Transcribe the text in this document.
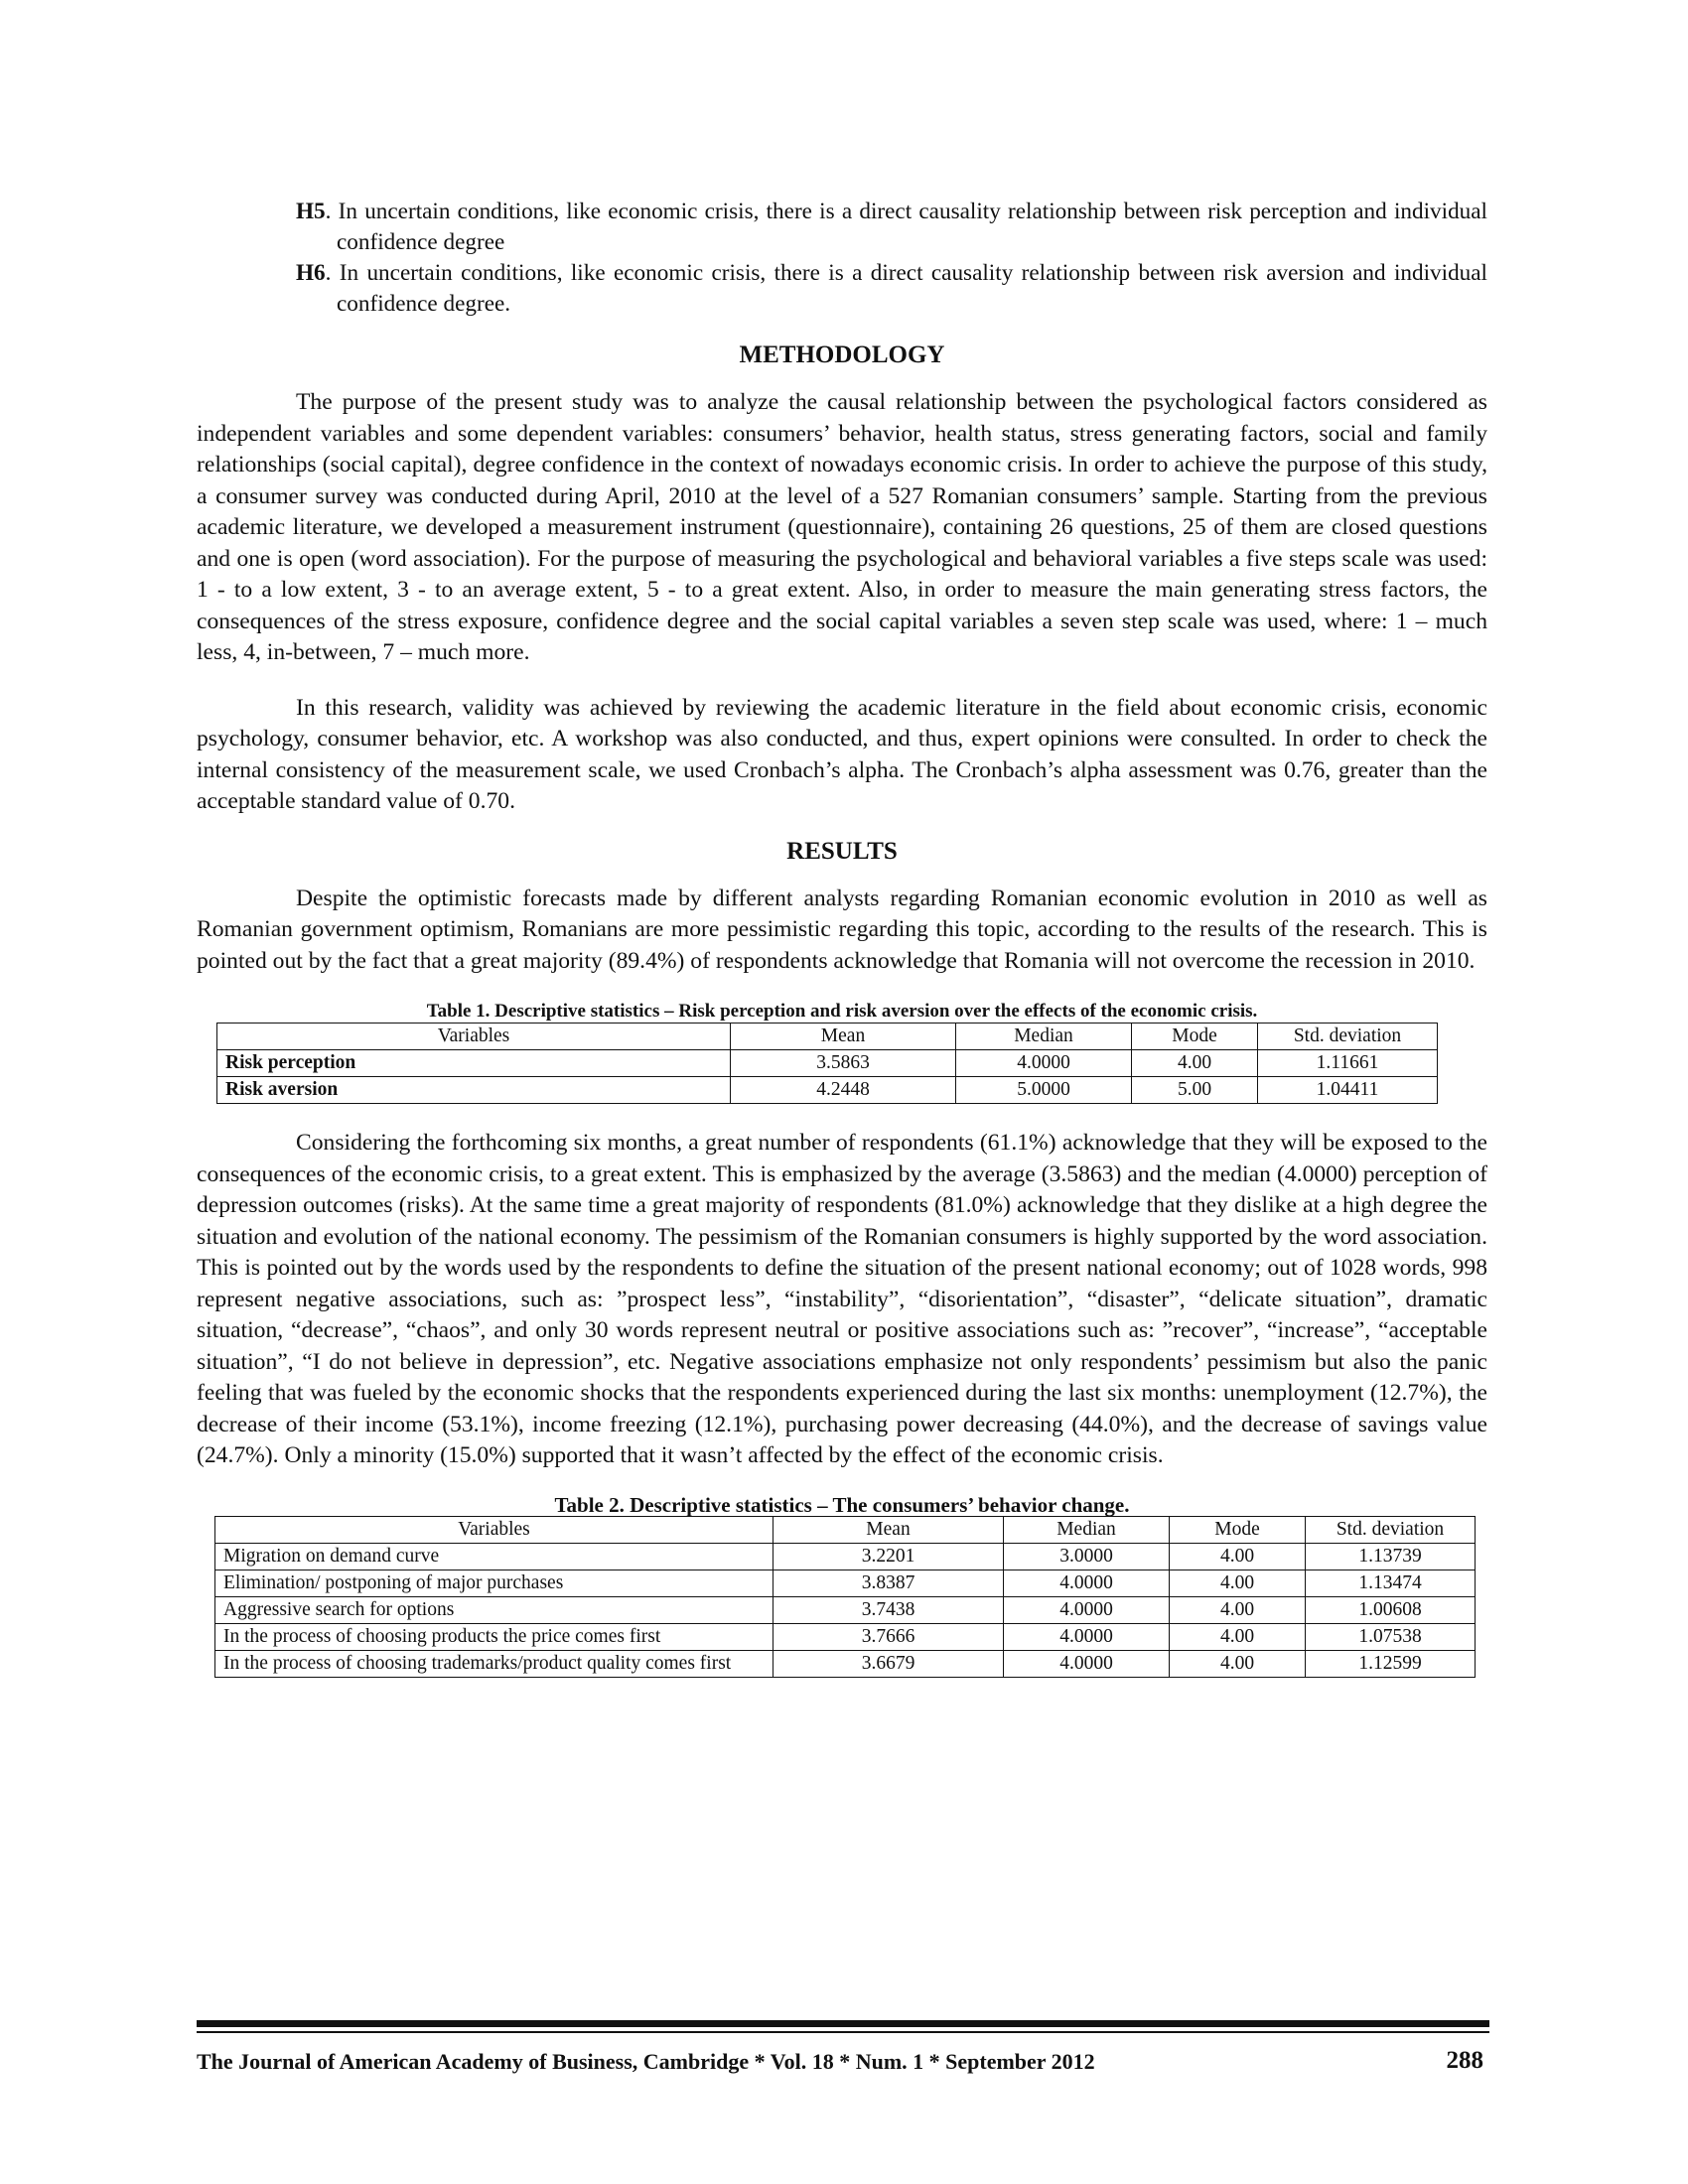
H5. In uncertain conditions, like economic crisis, there is a direct causality relationship between risk perception and individual confidence degree

H6. In uncertain conditions, like economic crisis, there is a direct causality relationship between risk aversion and individual confidence degree.

METHODOLOGY

The purpose of the present study was to analyze the causal relationship between the psychological factors considered as independent variables and some dependent variables: consumers’ behavior, health status, stress generating factors, social and family relationships (social capital), degree confidence in the context of nowadays economic crisis. In order to achieve the purpose of this study, a consumer survey was conducted during April, 2010 at the level of a 527 Romanian consumers’ sample. Starting from the previous academic literature, we developed a measurement instrument (questionnaire), containing 26 questions, 25 of them are closed questions and one is open (word association). For the purpose of measuring the psychological and behavioral variables a five steps scale was used: 1 - to a low extent, 3 - to an average extent, 5 - to a great extent. Also, in order to measure the main generating stress factors, the consequences of the stress exposure, confidence degree and the social capital variables a seven step scale was used, where: 1 – much less, 4, in-between, 7 – much more.

In this research, validity was achieved by reviewing the academic literature in the field about economic crisis, economic psychology, consumer behavior, etc. A workshop was also conducted, and thus, expert opinions were consulted. In order to check the internal consistency of the measurement scale, we used Cronbach’s alpha. The Cronbach’s alpha assessment was 0.76, greater than the acceptable standard value of 0.70.

RESULTS

Despite the optimistic forecasts made by different analysts regarding Romanian economic evolution in 2010 as well as Romanian government optimism, Romanians are more pessimistic regarding this topic, according to the results of the research. This is pointed out by the fact that a great majority (89.4%) of respondents acknowledge that Romania will not overcome the recession in 2010.

Table 1. Descriptive statistics – Risk perception and risk aversion over the effects of the economic crisis.

Variables	Mean	Median	Mode	Std. deviation
Risk perception	3.5863	4.0000	4.00	1.11661
Risk aversion	4.2448	5.0000	5.00	1.04411

Considering the forthcoming six months, a great number of respondents (61.1%) acknowledge that they will be exposed to the consequences of the economic crisis, to a great extent. This is emphasized by the average (3.5863) and the median (4.0000) perception of depression outcomes (risks). At the same time a great majority of respondents (81.0%) acknowledge that they dislike at a high degree the situation and evolution of the national economy. The pessimism of the Romanian consumers is highly supported by the word association. This is pointed out by the words used by the respondents to define the situation of the present national economy; out of 1028 words, 998 represent negative associations, such as: ”prospect less”, “instability”, “disorientation”, “disaster”, “delicate situation”, dramatic situation, “decrease”, “chaos”, and only 30 words represent neutral or positive associations such as: ”recover”, “increase”, “acceptable situation”, “I do not believe in depression”, etc. Negative associations emphasize not only respondents’ pessimism but also the panic feeling that was fueled by the economic shocks that the respondents experienced during the last six months: unemployment (12.7%), the decrease of their income (53.1%), income freezing (12.1%), purchasing power decreasing (44.0%), and the decrease of savings value (24.7%). Only a minority (15.0%) supported that it wasn’t affected by the effect of the economic crisis.

Table 2. Descriptive statistics – The consumers’ behavior change.

Variables	Mean	Median	Mode	Std. deviation
Migration on demand curve	3.2201	3.0000	4.00	1.13739
Elimination/ postponing of major purchases	3.8387	4.0000	4.00	1.13474
Aggressive search for options	3.7438	4.0000	4.00	1.00608
In the process of choosing products the price comes first	3.7666	4.0000	4.00	1.07538
In the process of choosing trademarks/product quality comes first	3.6679	4.0000	4.00	1.12599
The Journal of American Academy of Business, Cambridge * Vol. 18 * Num. 1 * September 2012	288
